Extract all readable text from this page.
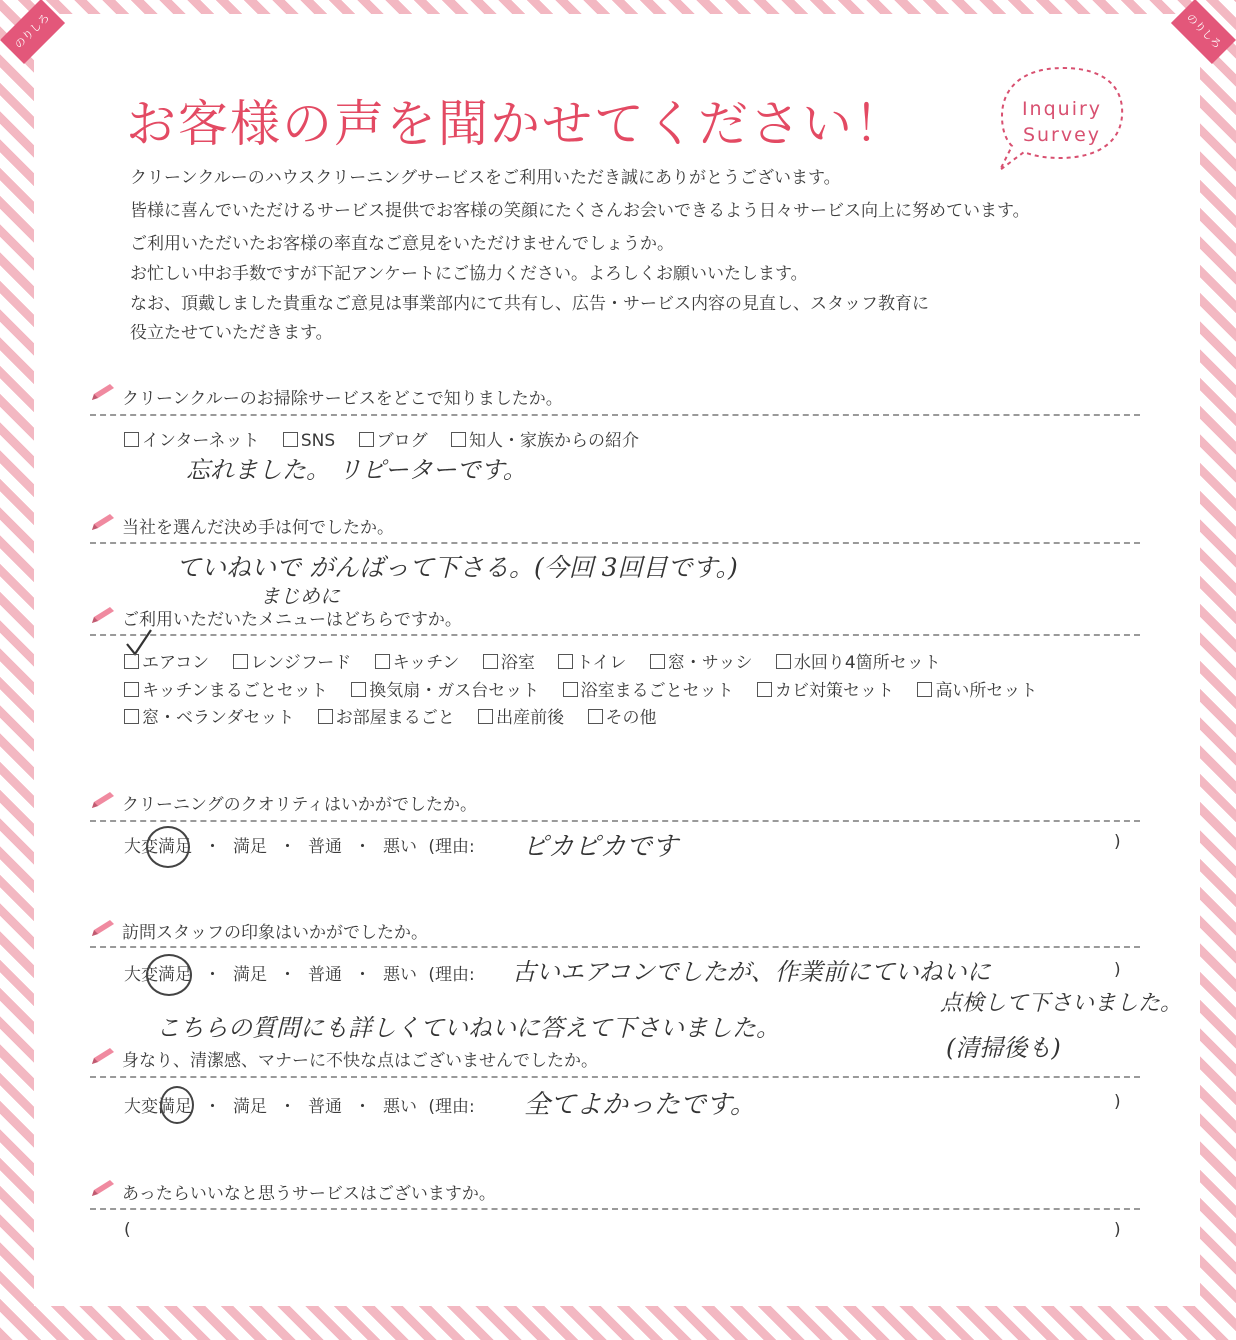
のりしろ	のりしろ
お客様の声を聞かせてください！	Inquiry
Survey
クリーンクルーのハウスクリーニングサービスをご利用いただき誠にありがとうございます。
皆様に喜んでいただけるサービス提供でお客様の笑顔にたくさんお会いできるよう日々サービス向上に努めています。
ご利用いただいたお客様の率直なご意見をいただけませんでしょうか。
お忙しい中お手数ですが下記アンケートにご協力ください。よろしくお願いいたします。
なお、頂戴しました貴重なご意見は事業部内にて共有し、広告・サービス内容の見直し、スタッフ教育に
役立たせていただきます。
クリーンクルーのお掃除サービスをどこで知りましたか。
インターネット SNS ブログ 知人・家族からの紹介
忘れました。 リピーターです。
当社を選んだ決め手は何でしたか。
ていねいで がんばって下さる。(今回 3回目です。)
まじめに
ご利用いただいたメニューはどちらですか。
エアコン レンジフード キッチン 浴室 トイレ 窓・サッシ 水回り4箇所セット
キッチンまるごとセット 換気扇・ガス台セット 浴室まるごとセット カビ対策セット 高い所セット
窓・ベランダセット お部屋まるごと 出産前後 その他
クリーニングのクオリティはいかがでしたか。
大変満足 ・ 満足 ・ 普通 ・ 悪い (理由: ピカピカです	)
訪問スタッフの印象はいかがでしたか。
大変満足 ・ 満足 ・ 普通 ・ 悪い (理由: 古いエアコンでしたが、作業前にていねいに	)
点検して下さいました。
こちらの質問にも詳しくていねいに答えて下さいました。
(清掃後も)
身なり、清潔感、マナーに不快な点はございませんでしたか。
大変満足 ・ 満足 ・ 普通 ・ 悪い (理由: 全てよかったです。	)
あったらいいなと思うサービスはございますか。
(	)
